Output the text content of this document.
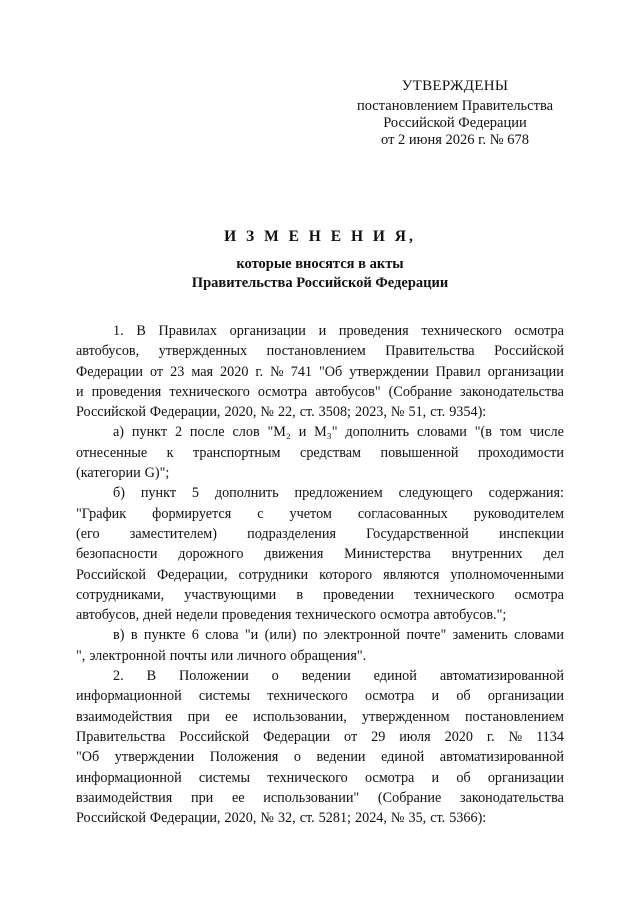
УТВЕРЖДЕНЫ
постановлением Правительства
Российской Федерации
от 2 июня 2026 г. № 678
И З М Е Н Е Н И Я,
которые вносятся в акты
Правительства Российской Федерации
1. В Правилах организации и проведения технического осмотра
автобусов, утвержденных постановлением Правительства Российской
Федерации от 23 мая 2020 г. № 741 "Об утверждении Правил организации
и проведения технического осмотра автобусов" (Собрание законодательства
Российской Федерации, 2020, № 22, ст. 3508; 2023, № 51, ст. 9354):
а) пункт 2 после слов "M₂ и M₃" дополнить словами "(в том числе
отнесенные к транспортным средствам повышенной проходимости
(категории G)";
б) пункт 5 дополнить предложением следующего содержания:
"График формируется с учетом согласованных руководителем
(его заместителем) подразделения Государственной инспекции
безопасности дорожного движения Министерства внутренних дел
Российской Федерации, сотрудники которого являются уполномоченными
сотрудниками, участвующими в проведении технического осмотра
автобусов, дней недели проведения технического осмотра автобусов.";
в) в пункте 6 слова "и (или) по электронной почте" заменить словами
", электронной почты или личного обращения".
2. В Положении о ведении единой автоматизированной
информационной системы технического осмотра и об организации
взаимодействия при ее использовании, утвержденном постановлением
Правительства Российской Федерации от 29 июля 2020 г. № 1134
"Об утверждении Положения о ведении единой автоматизированной
информационной системы технического осмотра и об организации
взаимодействия при ее использовании" (Собрание законодательства
Российской Федерации, 2020, № 32, ст. 5281; 2024, № 35, ст. 5366):
